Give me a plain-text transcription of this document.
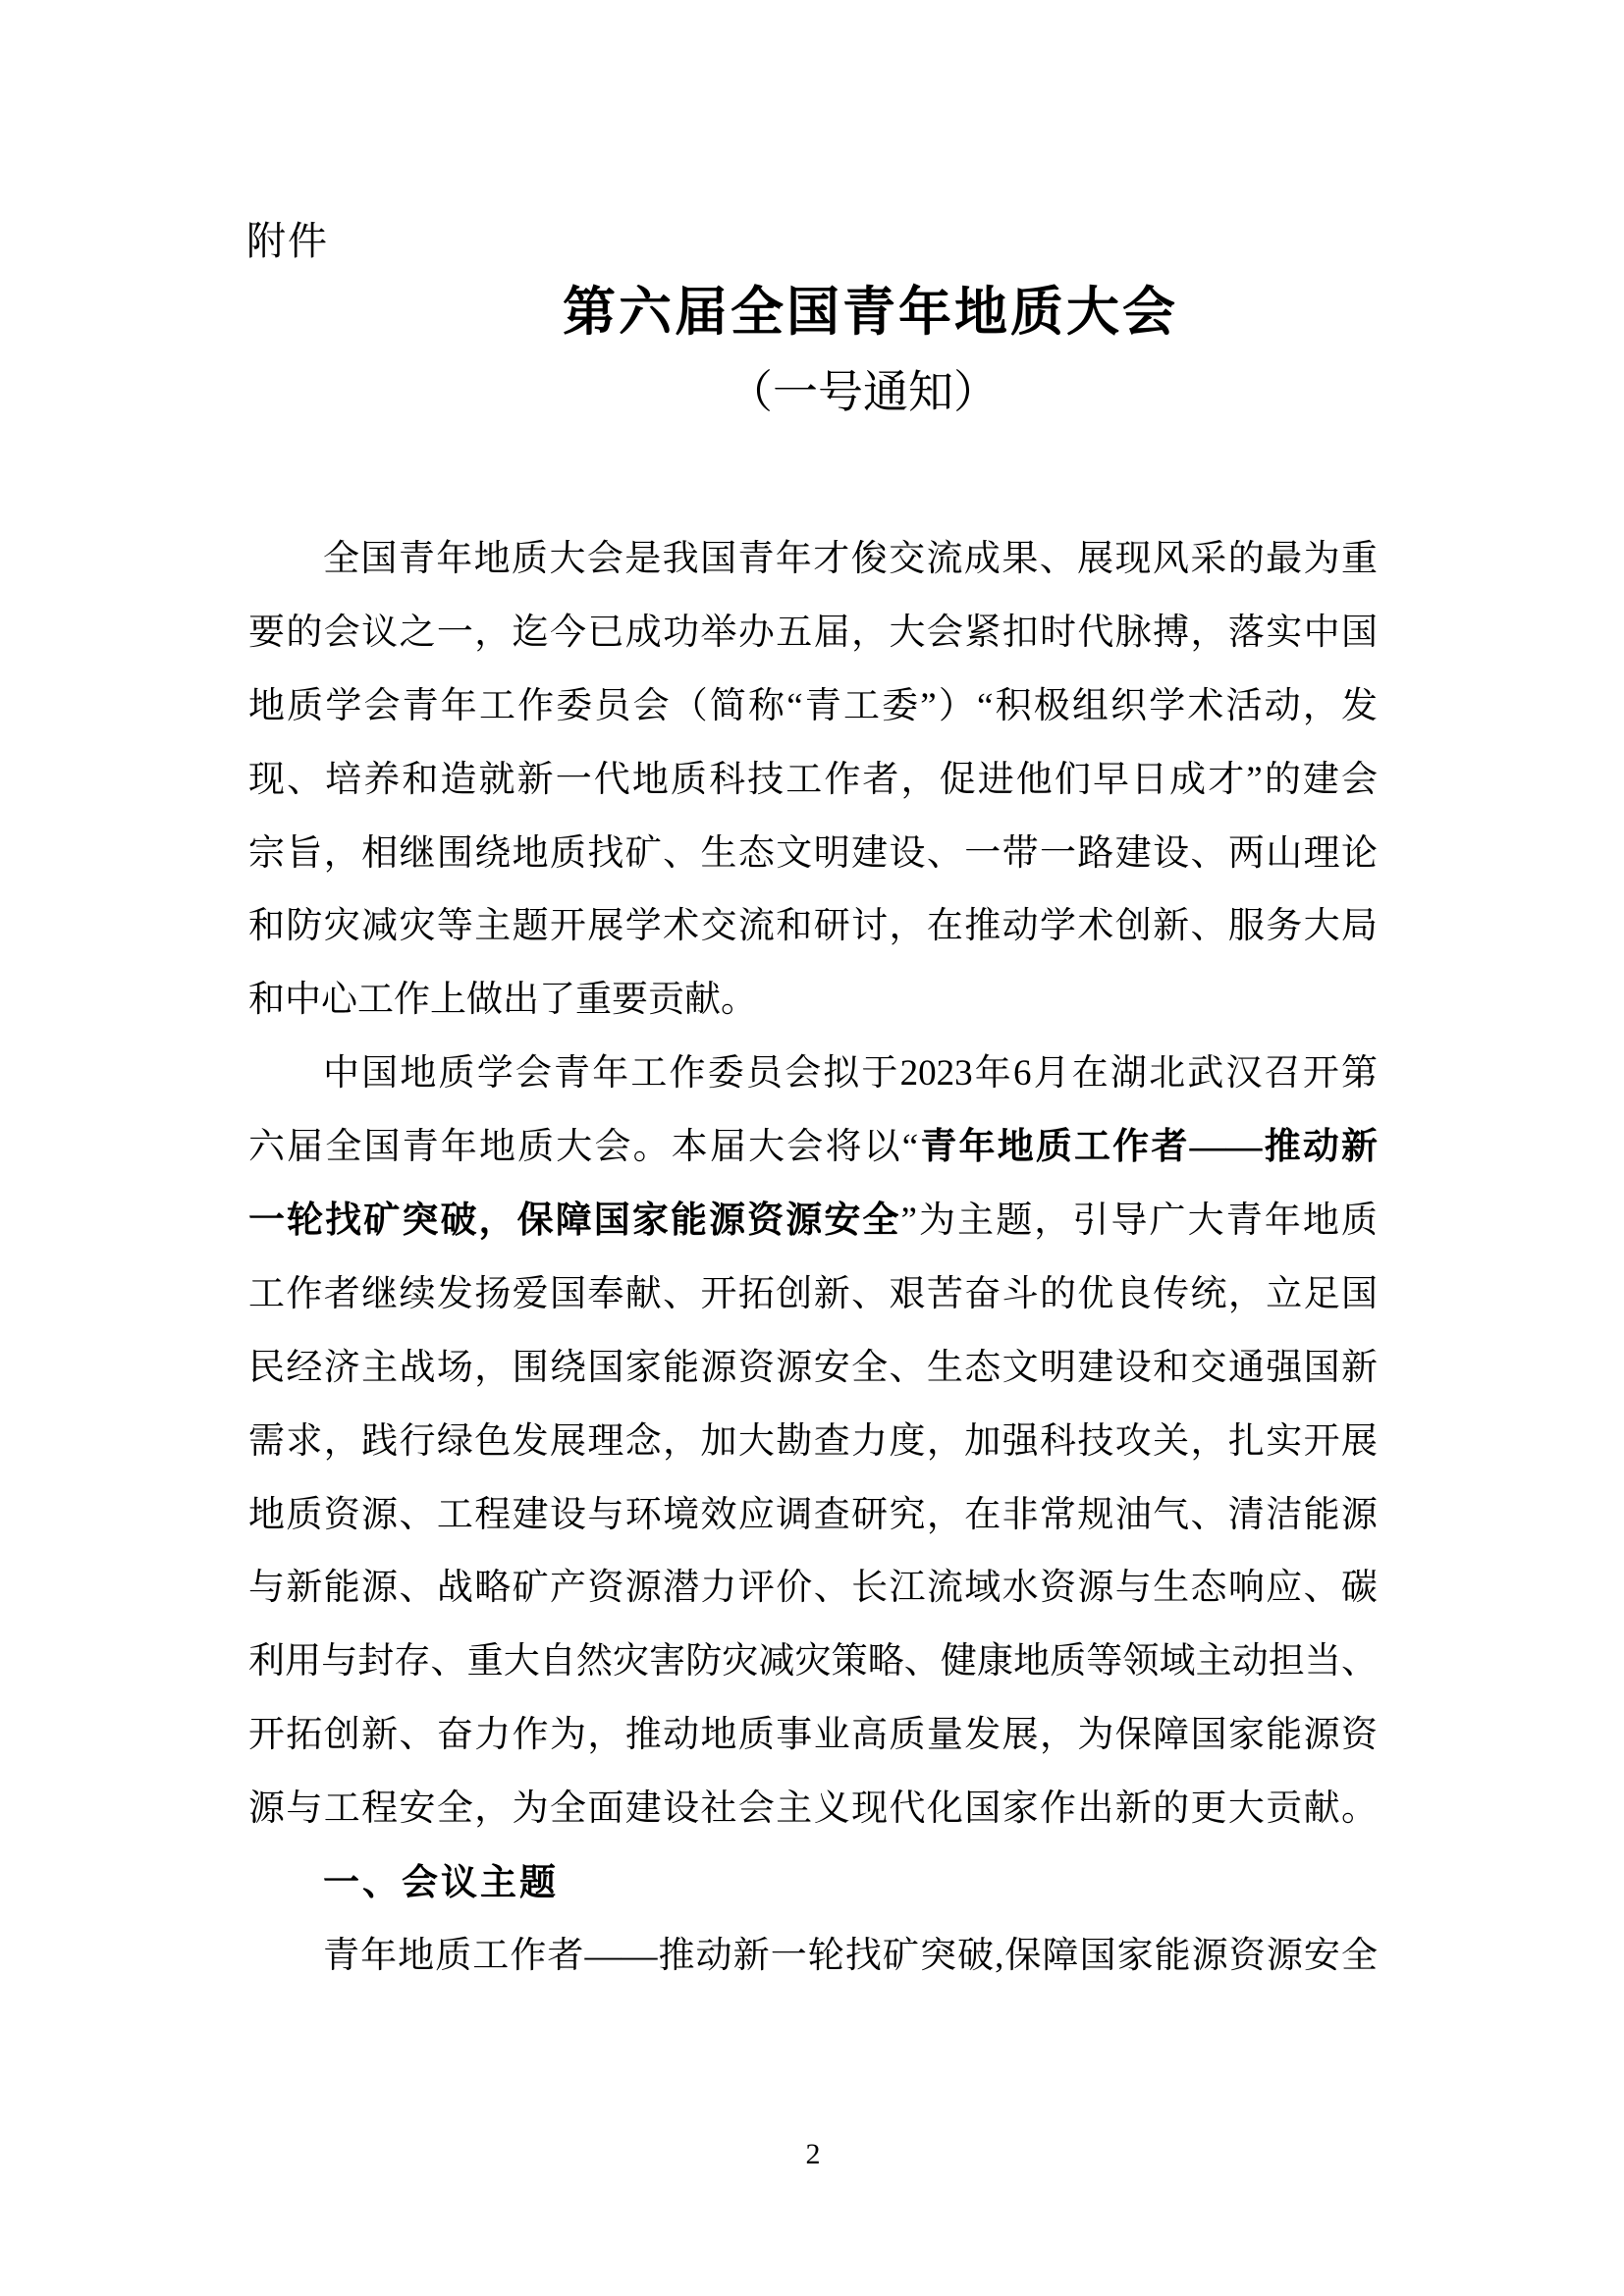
附件
第六届全国青年地质大会
（一号通知）
全国青年地质大会是我国青年才俊交流成果、展现风采的最为重
要的会议之一，迄今已成功举办五届，大会紧扣时代脉搏，落实中国
地质学会青年工作委员会（简称“青工委”）“积极组织学术活动，发
现、培养和造就新一代地质科技工作者，促进他们早日成才”的建会
宗旨，相继围绕地质找矿、生态文明建设、一带一路建设、两山理论
和防灾减灾等主题开展学术交流和研讨，在推动学术创新、服务大局
和中心工作上做出了重要贡献。
中国地质学会青年工作委员会拟于2023年6月在湖北武汉召开第
六届全国青年地质大会。本届大会将以“青年地质工作者——推动新
一轮找矿突破，保障国家能源资源安全”为主题，引导广大青年地质
工作者继续发扬爱国奉献、开拓创新、艰苦奋斗的优良传统，立足国
民经济主战场，围绕国家能源资源安全、生态文明建设和交通强国新
需求，践行绿色发展理念，加大勘查力度，加强科技攻关，扎实开展
地质资源、工程建设与环境效应调查研究，在非常规油气、清洁能源
与新能源、战略矿产资源潜力评价、长江流域水资源与生态响应、碳
利用与封存、重大自然灾害防灾减灾策略、健康地质等领域主动担当、
开拓创新、奋力作为，推动地质事业高质量发展，为保障国家能源资
源与工程安全，为全面建设社会主义现代化国家作出新的更大贡献。
一、会议主题
青年地质工作者——推动新一轮找矿突破,保障国家能源资源安全
2
